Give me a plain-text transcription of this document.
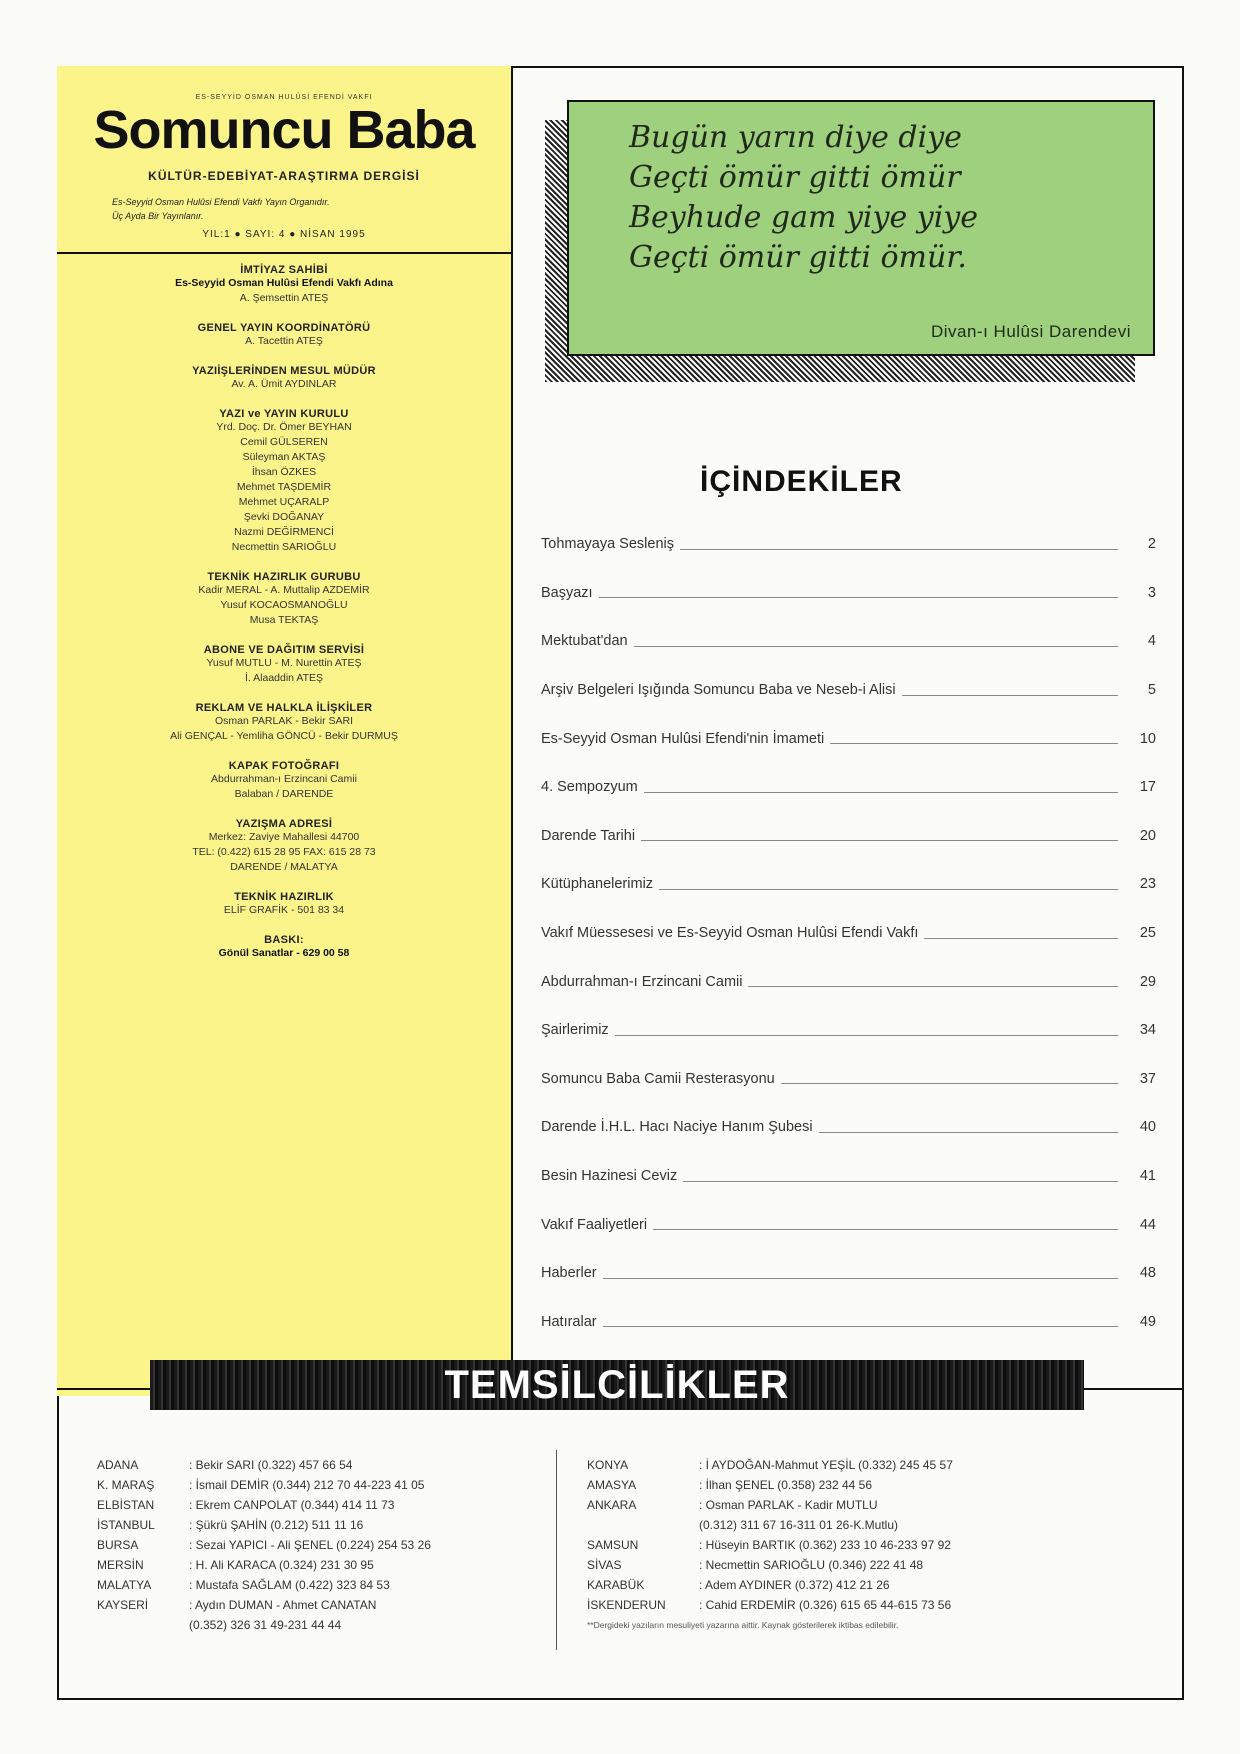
ES-SEYYİD OSMAN HULÛSİ EFENDİ VAKFI
Somuncu Baba
KÜLTÜR-EDEBİYAT-ARAŞTIRMA DERGİSİ
Es-Seyyid Osman Hulûsi Efendi Vakfı Yayın Organıdır.
Üç Ayda Bir Yayınlanır.
YIL:1 ● SAYI: 4 ● NİSAN 1995
İMTİYAZ SAHİBİ
Es-Seyyid Osman Hulûsi Efendi Vakfı Adına
A. Şemsettin ATEŞ
GENEL YAYIN KOORDİNATÖRÜ
A. Tacettin ATEŞ
YAZIİŞLERİNDEN MESUL MÜDÜR
Av. A. Ümit AYDINLAR
YAZI ve YAYIN KURULU
Yrd. Doç. Dr. Ömer BEYHAN
Cemil GÜLSEREN
Süleyman AKTAŞ
İhsan ÖZKES
Mehmet TAŞDEMİR
Mehmet UÇARALP
Şevki DOĞANAY
Nazmi DEĞİRMENCİ
Necmettin SARIOĞLU
TEKNİK HAZIRLIK GURUBU
Kadir MERAL - A. Muttalip AZDEMİR
Yusuf KOCAOSMANOĞLU
Musa TEKTAŞ
ABONE VE DAĞITIM SERVİSİ
Yusuf MUTLU - M. Nurettin ATEŞ
İ. Alaaddin ATEŞ
REKLAM VE HALKLA İLİŞKİLER
Osman PARLAK - Bekir SARI
Ali GENÇAL - Yemliha GÖNCÜ - Bekir DURMUŞ
KAPAK FOTOĞRAFI
Abdurrahman-ı Erzincani Camii
Balaban / DARENDE
YAZIŞMA ADRESİ
Merkez: Zaviye Mahallesi 44700
TEL: (0.422) 615 28 95 FAX: 615 28 73
DARENDE / MALATYA
TEKNİK HAZIRLIK
ELİF GRAFİK - 501 83 34
BASKI:
Gönül Sanatlar - 629 00 58
Bugün yarın diye diye
Geçti ömür gitti ömür
Beyhude gam yiye yiye
Geçti ömür gitti ömür.
Divan-ı Hulûsi Darendevi
İÇİNDEKİLER
Tohmayaya Sesleniş	2
Başyazı	3
Mektubat'dan	4
Arşiv Belgeleri Işığında Somuncu Baba ve Neseb-i Alisi	5
Es-Seyyid Osman Hulûsi Efendi'nin İmameti	10
4. Sempozyum	17
Darende Tarihi	20
Kütüphanelerimiz	23
Vakıf Müessesesi ve Es-Seyyid Osman Hulûsi Efendi Vakfı	25
Abdurrahman-ı Erzincani Camii	29
Şairlerimiz	34
Somuncu Baba Camii Resterasyonu	37
Darende İ.H.L. Hacı Naciye Hanım Şubesi	40
Besin Hazinesi Ceviz	41
Vakıf Faaliyetleri	44
Haberler	48
Hatıralar	49
TEMSİLCİLİKLER
ADANA	: Bekir SARI (0.322) 457 66 54
K. MARAŞ	: İsmail DEMİR (0.344) 212 70 44-223 41 05
ELBİSTAN	: Ekrem CANPOLAT (0.344) 414 11 73
İSTANBUL	: Şükrü ŞAHİN (0.212) 511 11 16
BURSA	: Sezai YAPICI - Ali ŞENEL (0.224) 254 53 26
MERSİN	: H. Ali KARACA (0.324) 231 30 95
MALATYA	: Mustafa SAĞLAM (0.422) 323 84 53
KAYSERİ	: Aydın DUMAN - Ahmet CANATAN
(0.352) 326 31 49-231 44 44
KONYA	: İ AYDOĞAN-Mahmut YEŞİL (0.332) 245 45 57
AMASYA	: İlhan ŞENEL (0.358) 232 44 56
ANKARA	: Osman PARLAK - Kadir MUTLU
(0.312) 311 67 16-311 01 26-K.Mutlu)
SAMSUN	: Hüseyin BARTIK (0.362) 233 10 46-233 97 92
SİVAS	: Necmettin SARIOĞLU (0.346) 222 41 48
KARABÜK	: Adem AYDINER (0.372) 412 21 26
İSKENDERUN	: Cahid ERDEMİR (0.326) 615 65 44-615 73 56
**Dergideki yazıların mesuliyeti yazarına aittir. Kaynak gösterilerek iktibas edilebilir.
